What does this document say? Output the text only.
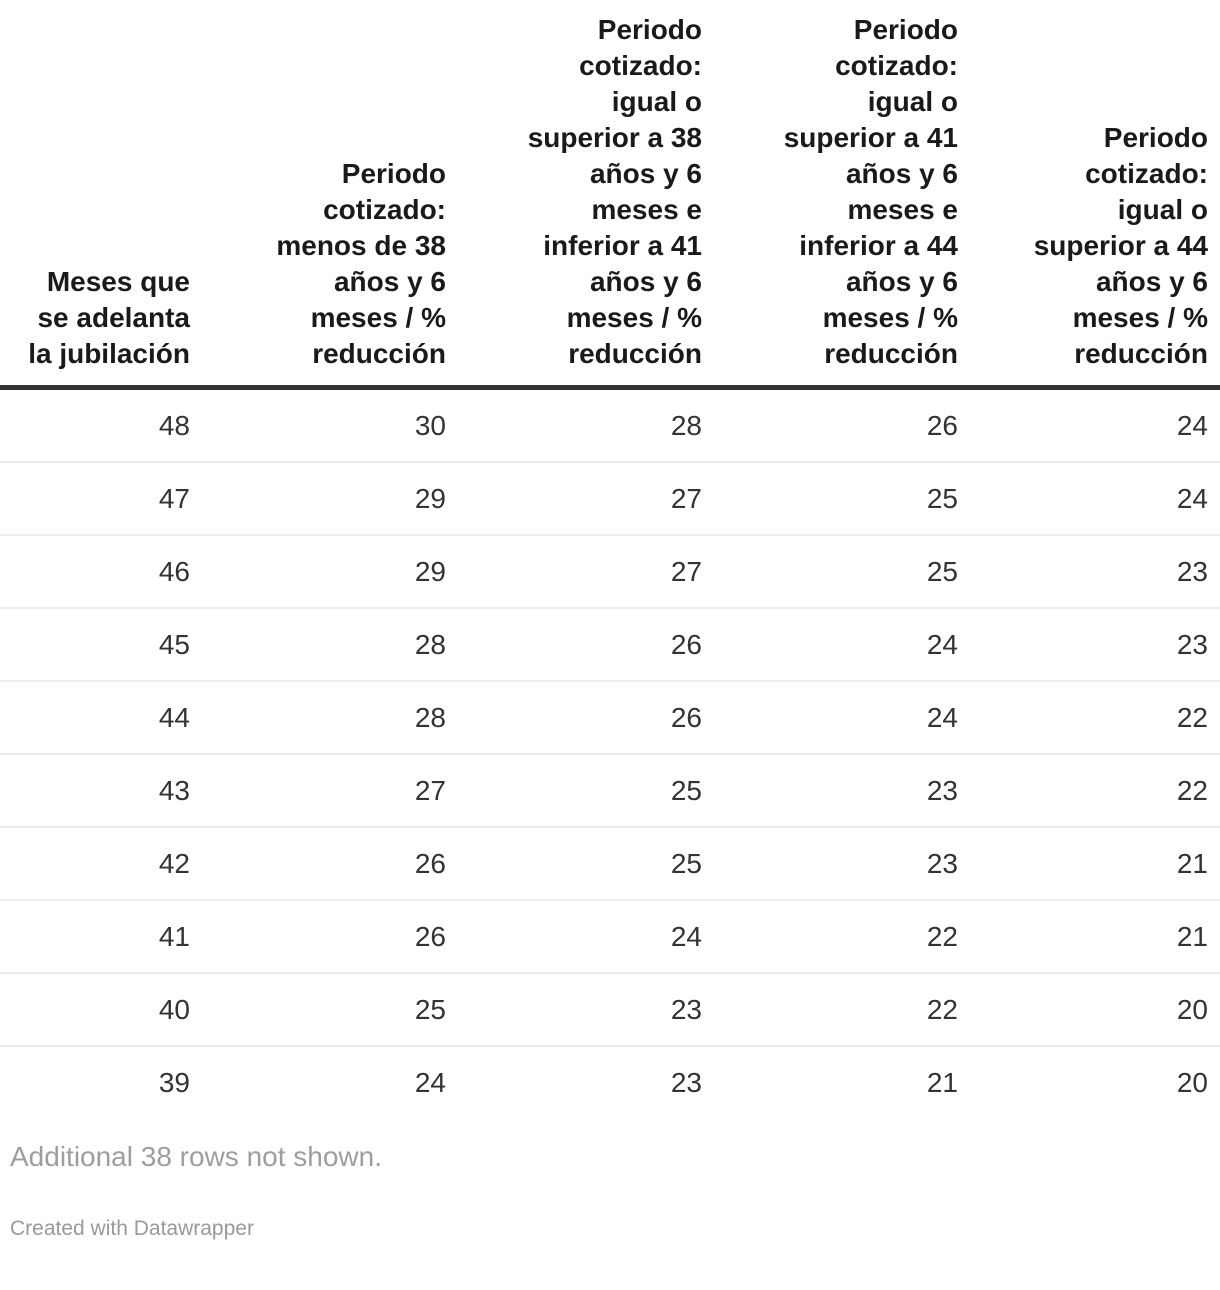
Meses que
se adelanta
la jubilación	Periodo
cotizado:
menos de 38
años y 6
meses / %
reducción	Periodo
cotizado:
igual o
superior a 38
años y 6
meses e
inferior a 41
años y 6
meses / %
reducción	Periodo
cotizado:
igual o
superior a 41
años y 6
meses e
inferior a 44
años y 6
meses / %
reducción	Periodo
cotizado:
igual o
superior a 44
años y 6
meses / %
reducción
48	30	28	26	24
47	29	27	25	24
46	29	27	25	23
45	28	26	24	23
44	28	26	24	22
43	27	25	23	22
42	26	25	23	21
41	26	24	22	21
40	25	23	22	20
39	24	23	21	20

Additional 38 rows not shown.

Created with Datawrapper
